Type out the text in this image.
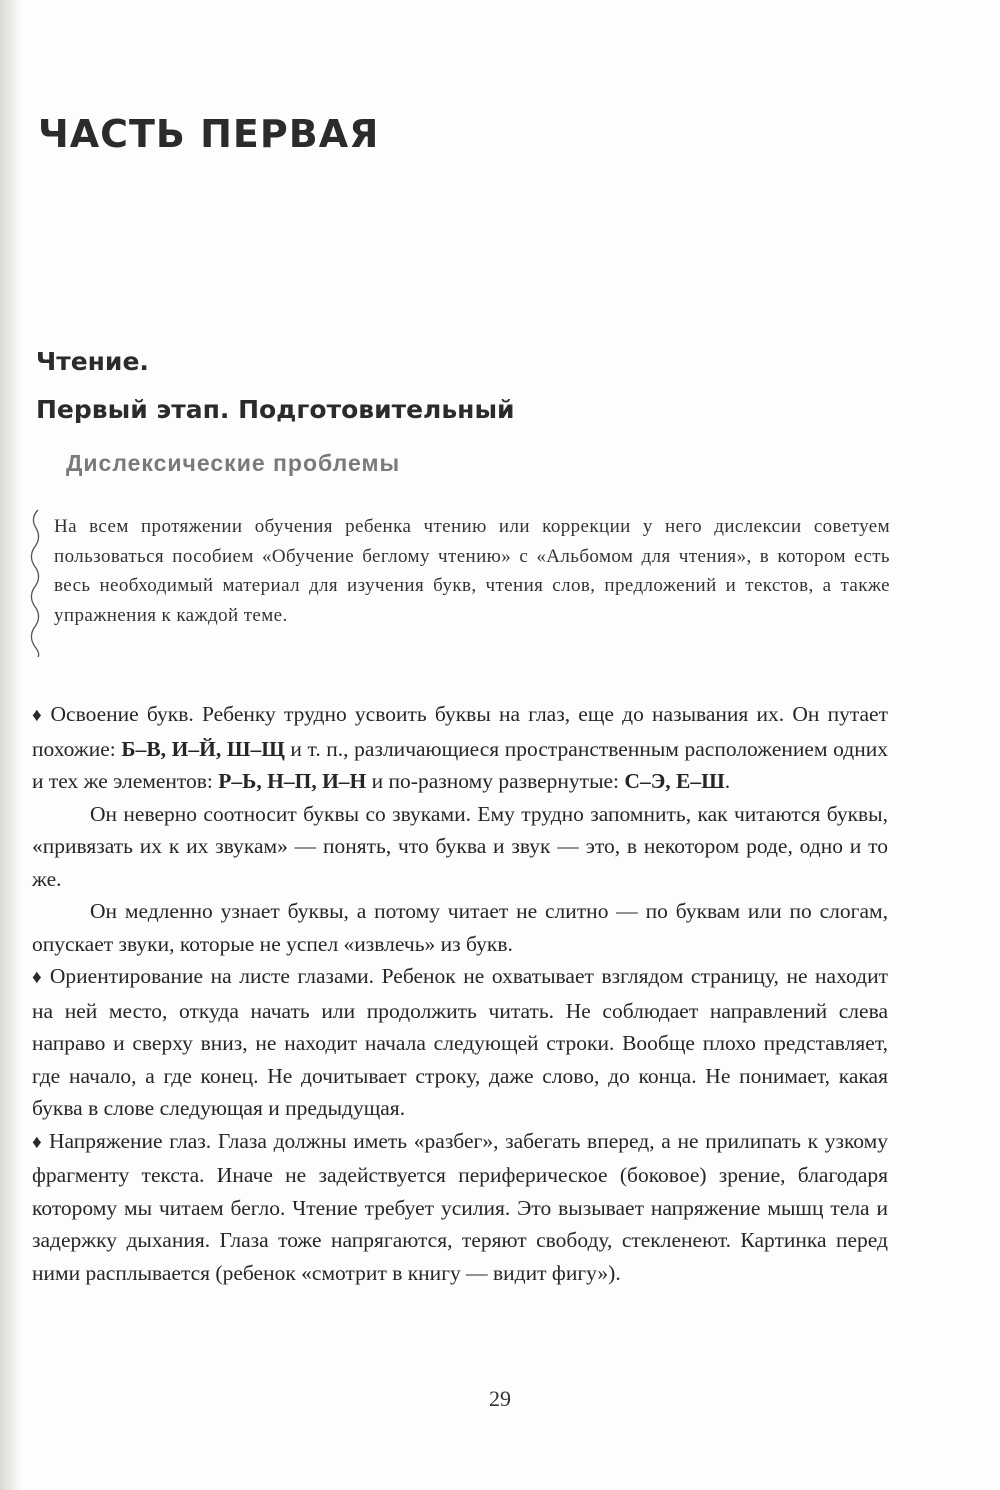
ЧАСТЬ ПЕРВАЯ
Чтение.
Первый этап. Подготовительный
Дислексические проблемы
На всем протяжении обучения ребенка чтению или коррекции у него дислексии советуем пользоваться пособием «Обучение беглому чтению» с «Альбомом для чтения», в котором есть весь необходимый материал для изучения букв, чтения слов, предложений и текстов, а также упражнения к каждой теме.

♦ Освоение букв. Ребенку трудно усвоить буквы на глаз, еще до называния их. Он путает похожие: Б–В, И–Й, Ш–Щ и т. п., различающиеся пространственным расположением одних и тех же элементов: Р–Ь, Н–П, И–Н и по-разному развернутые: С–Э, Е–Ш.

Он неверно соотносит буквы со звуками. Ему трудно запомнить, как читаются буквы, «привязать их к их звукам» — понять, что буква и звук — это, в некотором роде, одно и то же.

Он медленно узнает буквы, а потому читает не слитно — по буквам или по слогам, опускает звуки, которые не успел «извлечь» из букв.

♦ Ориентирование на листе глазами. Ребенок не охватывает взглядом страницу, не находит на ней место, откуда начать или продолжить читать. Не соблюдает направлений слева направо и сверху вниз, не находит начала следующей строки. Вообще плохо представляет, где начало, а где конец. Не дочитывает строку, даже слово, до конца. Не понимает, какая буква в слове следующая и предыдущая.

♦ Напряжение глаз. Глаза должны иметь «разбег», забегать вперед, а не прилипать к узкому фрагменту текста. Иначе не задействуется периферическое (боковое) зрение, благодаря которому мы читаем бегло. Чтение требует усилия. Это вызывает напряжение мышц тела и задержку дыхания. Глаза тоже напрягаются, теряют свободу, стекленеют. Картинка перед ними расплывается (ребенок «смотрит в книгу — видит фигу»).

29
